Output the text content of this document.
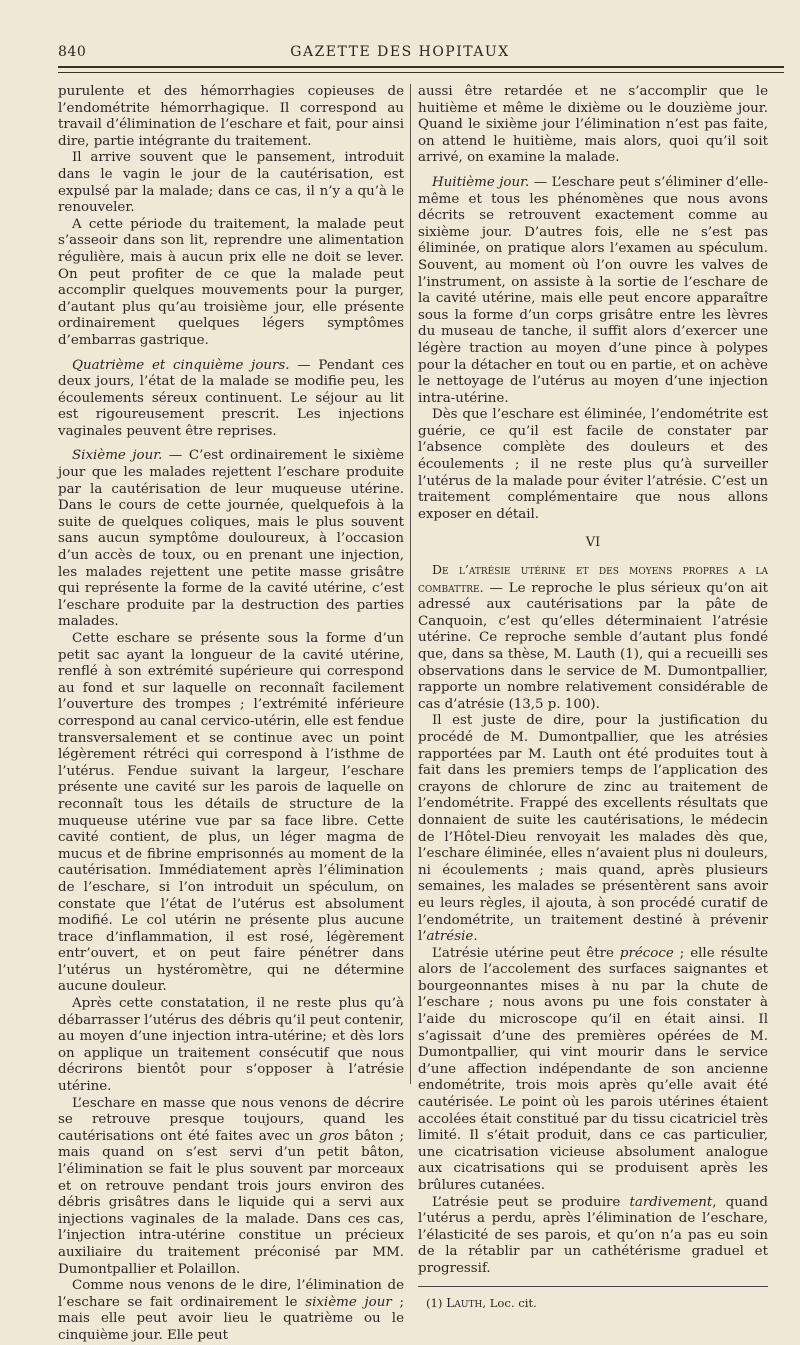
840	GAZETTE DES HOPITAUX

purulente et des hémorrhagies copieuses de l’endométrite hémorrhagique. Il correspond au travail d’élimination de l’eschare et fait, pour ainsi dire, partie intégrante du traitement.

Il arrive souvent que le pansement, introduit dans le vagin le jour de la cautérisation, est expulsé par la malade; dans ce cas, il n’y a qu’à le renouveler.

A cette période du traitement, la malade peut s’asseoir dans son lit, reprendre une alimentation régulière, mais à aucun prix elle ne doit se lever. On peut profiter de ce que la malade peut accomplir quelques mouvements pour la purger, d’autant plus qu’au troisième jour, elle présente ordinairement quelques légers symptômes d’embarras gastrique.

Quatrième et cinquième jours. — Pendant ces deux jours, l’état de la malade se modifie peu, les écoulements séreux continuent. Le séjour au lit est rigoureusement prescrit. Les injections vaginales peuvent être reprises.

Sixième jour. — C’est ordinairement le sixième jour que les malades rejettent l’eschare produite par la cautérisation de leur muqueuse utérine. Dans le cours de cette journée, quelquefois à la suite de quelques coliques, mais le plus souvent sans aucun symptôme douloureux, à l’occasion d’un accès de toux, ou en prenant une injection, les malades rejettent une petite masse grisâtre qui représente la forme de la cavité utérine, c’est l’eschare produite par la destruction des parties malades.

Cette eschare se présente sous la forme d’un petit sac ayant la longueur de la cavité utérine, renflé à son extrémité supérieure qui correspond au fond et sur laquelle on reconnaît facilement l’ouverture des trompes ; l’extrémité inférieure correspond au canal cervico-utérin, elle est fendue transversalement et se continue avec un point légèrement rétréci qui correspond à l’isthme de l’utérus. Fendue suivant la largeur, l’eschare présente une cavité sur les parois de laquelle on reconnaît tous les détails de structure de la muqueuse utérine vue par sa face libre. Cette cavité contient, de plus, un léger magma de mucus et de fibrine emprisonnés au moment de la cautérisation. Immédiatement après l’élimination de l’eschare, si l’on introduit un spéculum, on constate que l’état de l’utérus est absolument modifié. Le col utérin ne présente plus aucune trace d’inflammation, il est rosé, légèrement entr’ouvert, et on peut faire pénétrer dans l’utérus un hystéromètre, qui ne détermine aucune douleur.

Après cette constatation, il ne reste plus qu’à débarrasser l’utérus des débris qu’il peut contenir, au moyen d’une injection intra-utérine; et dès lors on applique un traitement consécutif que nous décrirons bientôt pour s’opposer à l’atrésie utérine.

L’eschare en masse que nous venons de décrire se retrouve presque toujours, quand les cautérisations ont été faites avec un gros bâton ; mais quand on s’est servi d’un petit bâton, l’élimination se fait le plus souvent par morceaux et on retrouve pendant trois jours environ des débris grisâtres dans le liquide qui a servi aux injections vaginales de la malade. Dans ces cas, l’injection intra-utérine constitue un précieux auxiliaire du traitement préconisé par MM. Dumontpallier et Polaillon.

Comme nous venons de le dire, l’élimination de l’eschare se fait ordinairement le sixième jour ; mais elle peut avoir lieu le quatrième ou le cinquième jour. Elle peut

aussi être retardée et ne s’accomplir que le huitième et même le dixième ou le douzième jour. Quand le sixième jour l’élimination n’est pas faite, on attend le huitième, mais alors, quoi qu’il soit arrivé, on examine la malade.

Huitième jour. — L’eschare peut s’éliminer d’elle-même et tous les phénomènes que nous avons décrits se retrouvent exactement comme au sixième jour. D’autres fois, elle ne s’est pas éliminée, on pratique alors l’examen au spéculum. Souvent, au moment où l’on ouvre les valves de l’instrument, on assiste à la sortie de l’eschare de la cavité utérine, mais elle peut encore apparaître sous la forme d’un corps grisâtre entre les lèvres du museau de tanche, il suffit alors d’exercer une légère traction au moyen d’une pince à polypes pour la détacher en tout ou en partie, et on achève le nettoyage de l’utérus au moyen d’une injection intra-utérine.

Dès que l’eschare est éliminée, l’endométrite est guérie, ce qu’il est facile de constater par l’absence complète des douleurs et des écoulements ; il ne reste plus qu’à surveiller l’utérus de la malade pour éviter l’atrésie. C’est un traitement complémentaire que nous allons exposer en détail.

VI

De l’atrésie utérine et des moyens propres a la combattre. — Le reproche le plus sérieux qu’on ait adressé aux cautérisations par la pâte de Canquoin, c’est qu’elles déterminaient l’atrésie utérine. Ce reproche semble d’autant plus fondé que, dans sa thèse, M. Lauth (1), qui a recueilli ses observations dans le service de M. Dumontpallier, rapporte un nombre relativement considérable de cas d’atrésie (13,5 p. 100).

Il est juste de dire, pour la justification du procédé de M. Dumontpallier, que les atrésies rapportées par M. Lauth ont été produites tout à fait dans les premiers temps de l’application des crayons de chlorure de zinc au traitement de l’endométrite. Frappé des excellents résultats que donnaient de suite les cautérisations, le médecin de l’Hôtel-Dieu renvoyait les malades dès que, l’eschare éliminée, elles n’avaient plus ni douleurs, ni écoulements ; mais quand, après plusieurs semaines, les malades se présentèrent sans avoir eu leurs règles, il ajouta, à son procédé curatif de l’endométrite, un traitement destiné à prévenir l’atrésie.

L’atrésie utérine peut être précoce ; elle résulte alors de l’accolement des surfaces saignantes et bourgeonnantes mises à nu par la chute de l’eschare ; nous avons pu une fois constater à l’aide du microscope qu’il en était ainsi. Il s’agissait d’une des premières opérées de M. Dumontpallier, qui vint mourir dans le service d’une affection indépendante de son ancienne endométrite, trois mois après qu’elle avait été cautérisée. Le point où les parois utérines étaient accolées était constitué par du tissu cicatriciel très limité. Il s’était produit, dans ce cas particulier, une cicatrisation vicieuse absolument analogue aux cicatrisations qui se produisent après les brûlures cutanées.

L’atrésie peut se produire tardivement, quand l’utérus a perdu, après l’élimination de l’eschare, l’élasticité de ses parois, et qu’on n’a pas eu soin de la rétablir par un cathétérisme graduel et progressif.

(1) Lauth, Loc. cit.
